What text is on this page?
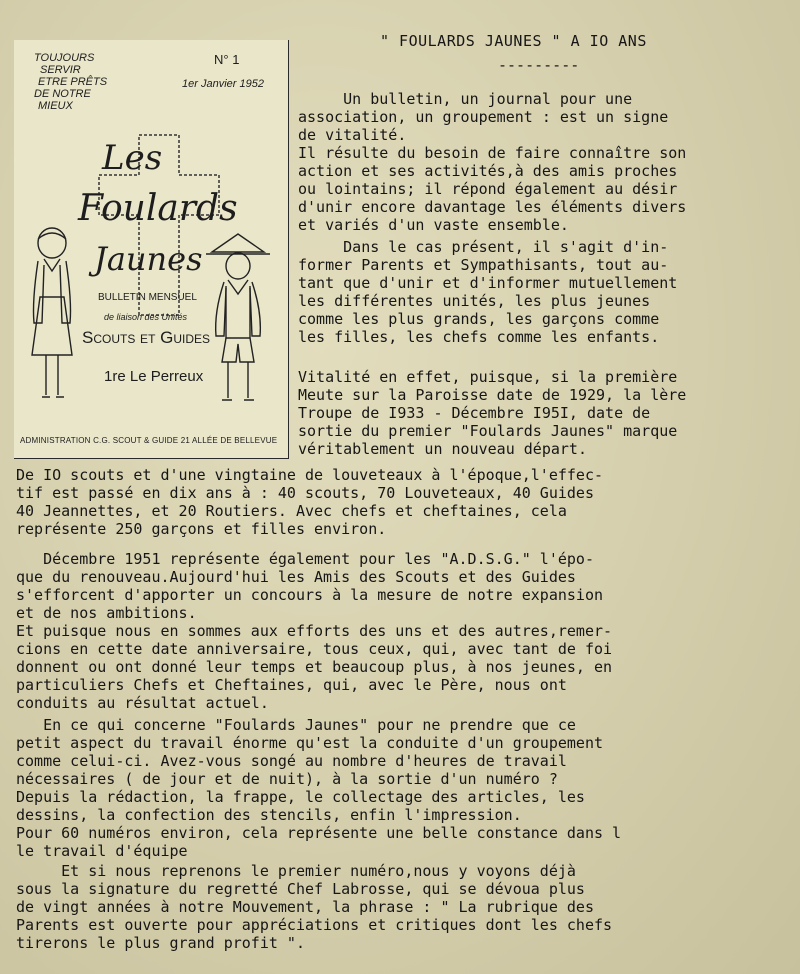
TOUJOURS
SERVIR
ETRE PRÊTS
DE NOTRE
MIEUX
N° 1
1er Janvier 1952
Les
Foulards
Jaunes
BULLETIN MENSUEL
de liaison des Unités
Scouts et Guides
1re Le Perreux
ADMINISTRATION C.G. SCOUT & GUIDE 21 ALLÉE DE BELLEVUE
" FOULARDS JAUNES " A IO ANS
---------
Un bulletin, un journal pour une
association, un groupement : est un signe
de vitalité.
Il résulte du besoin de faire connaître son
action et ses activités,à des amis proches
ou lointains; il répond également au désir
d'unir encore davantage les éléments divers
et variés d'un vaste ensemble.
Dans le cas présent, il s'agit d'in-
former Parents et Sympathisants, tout au-
tant que d'unir et d'informer mutuellement
les différentes unités, les plus jeunes
comme les plus grands, les garçons comme
les filles, les chefs comme les enfants.
Vitalité en effet, puisque, si la première
Meute sur la Paroisse date de 1929, la lère
Troupe de I933 - Décembre I95I, date de
sortie du premier "Foulards Jaunes" marque
véritablement un nouveau départ.
De IO scouts et d'une vingtaine de louveteaux à l'époque,l'effec-
tif est passé en dix ans à : 40 scouts, 70 Louveteaux, 40 Guides
40 Jeannettes, et 20 Routiers. Avec chefs et cheftaines, cela
représente 250 garçons et filles environ.
Décembre 1951 représente également pour les "A.D.S.G." l'épo-
que du renouveau.Aujourd'hui les Amis des Scouts et des Guides
s'efforcent d'apporter un concours à la mesure de notre expansion
et de nos ambitions.
Et puisque nous en sommes aux efforts des uns et des autres,remer-
cions en cette date anniversaire, tous ceux, qui, avec tant de foi
donnent ou ont donné leur temps et beaucoup plus, à nos jeunes, en
particuliers Chefs et Cheftaines, qui, avec le Père, nous ont
conduits au résultat actuel.
En ce qui concerne "Foulards Jaunes" pour ne prendre que ce
petit aspect du travail énorme qu'est la conduite d'un groupement
comme celui-ci. Avez-vous songé au nombre d'heures de travail
nécessaires ( de jour et de nuit), à la sortie d'un numéro ?
Depuis la rédaction, la frappe, le collectage des articles, les
dessins, la confection des stencils, enfin l'impression.
Pour 60 numéros environ, cela représente une belle constance dans l
le travail d'équipe
Et si nous reprenons le premier numéro,nous y voyons déjà
sous la signature du regretté Chef Labrosse, qui se dévoua plus
de vingt années à notre Mouvement, la phrase : " La rubrique des
Parents est ouverte pour appréciations et critiques dont les chefs
tirerons le plus grand profit ".
